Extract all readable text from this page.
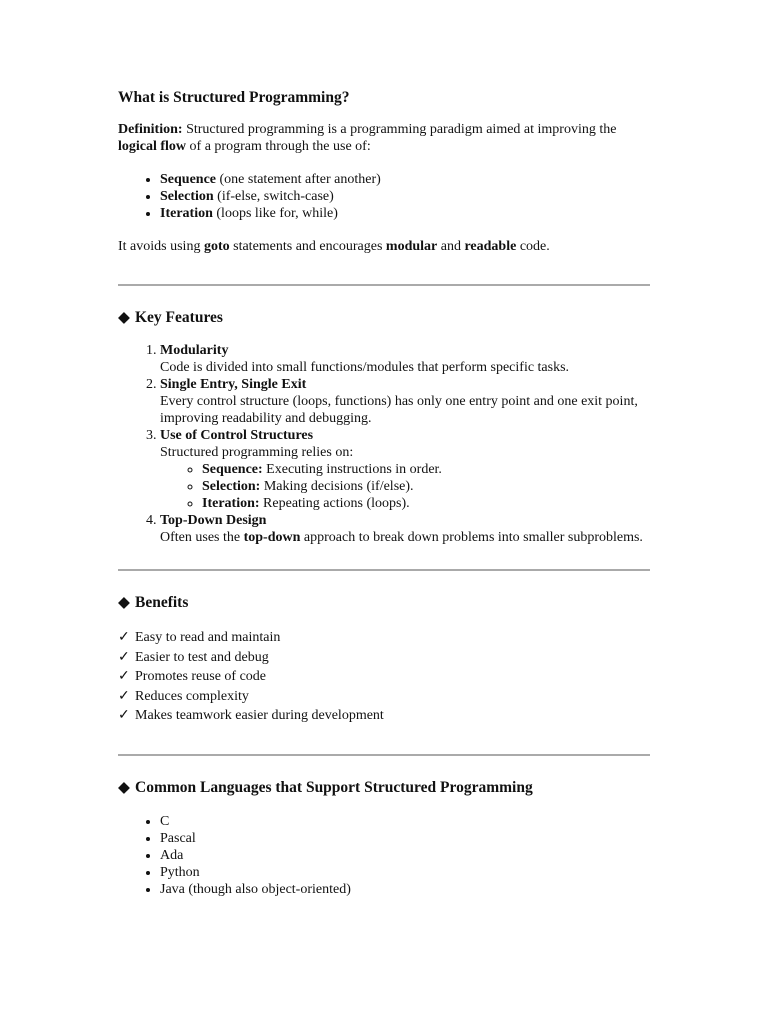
What is Structured Programming?

Definition: Structured programming is a programming paradigm aimed at improving the logical flow of a program through the use of:

• Sequence (one statement after another)
• Selection (if-else, switch-case)
• Iteration (loops like for, while)

It avoids using goto statements and encourages modular and readable code.

◆ Key Features
1. Modularity
Code is divided into small functions/modules that perform specific tasks.
2. Single Entry, Single Exit
Every control structure (loops, functions) has only one entry point and one exit point, improving readability and debugging.
3. Use of Control Structures
Structured programming relies on:
◦ Sequence: Executing instructions in order.
◦ Selection: Making decisions (if/else).
◦ Iteration: Repeating actions (loops).
4. Top-Down Design
Often uses the top-down approach to break down problems into smaller subproblems.
◆ Benefits
✓ Easy to read and maintain
✓ Easier to test and debug
✓ Promotes reuse of code
✓ Reduces complexity
✓ Makes teamwork easier during development
◆ Common Languages that Support Structured Programming
• C
• Pascal
• Ada
• Python
• Java (though also object-oriented)
